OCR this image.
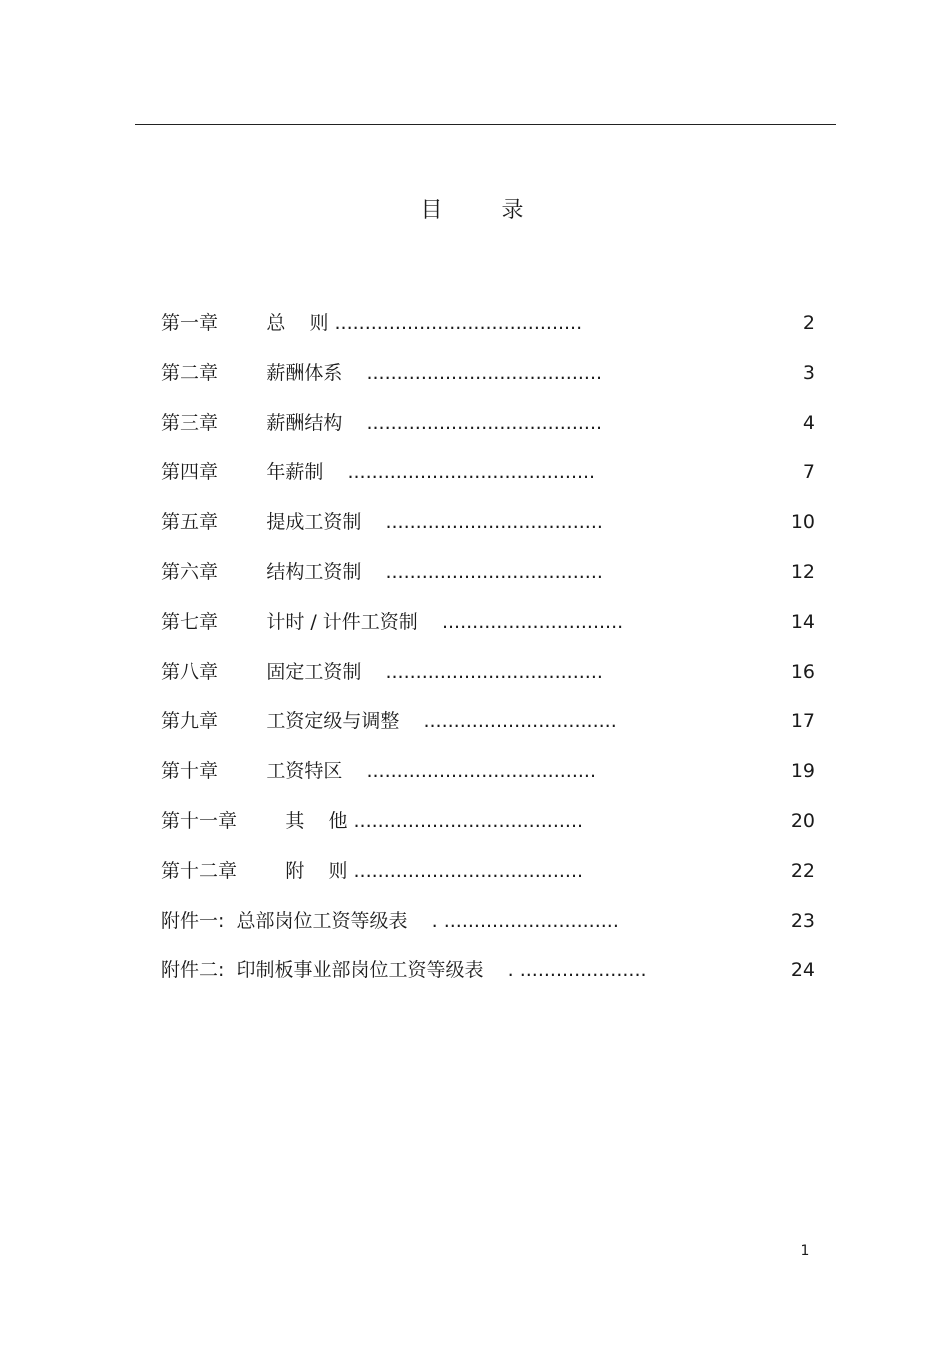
目 录
第一章        总    则 .........................................	2
第二章        薪酬体系    .......................................	3
第三章        薪酬结构    .......................................	4
第四章        年薪制    .........................................	7
第五章        提成工资制    ....................................	10
第六章        结构工资制    ....................................	12
第七章        计时 / 计件工资制    ..............................	14
第八章        固定工资制    ....................................	16
第九章        工资定级与调整    ................................	17
第十章        工资特区    ......................................	19
第十一章        其    他 ......................................	20
第十二章        附    则 ......................................	22
附件一:  总部岗位工资等级表    . .............................	23
附件二:  印制板事业部岗位工资等级表    . .....................	24
1
